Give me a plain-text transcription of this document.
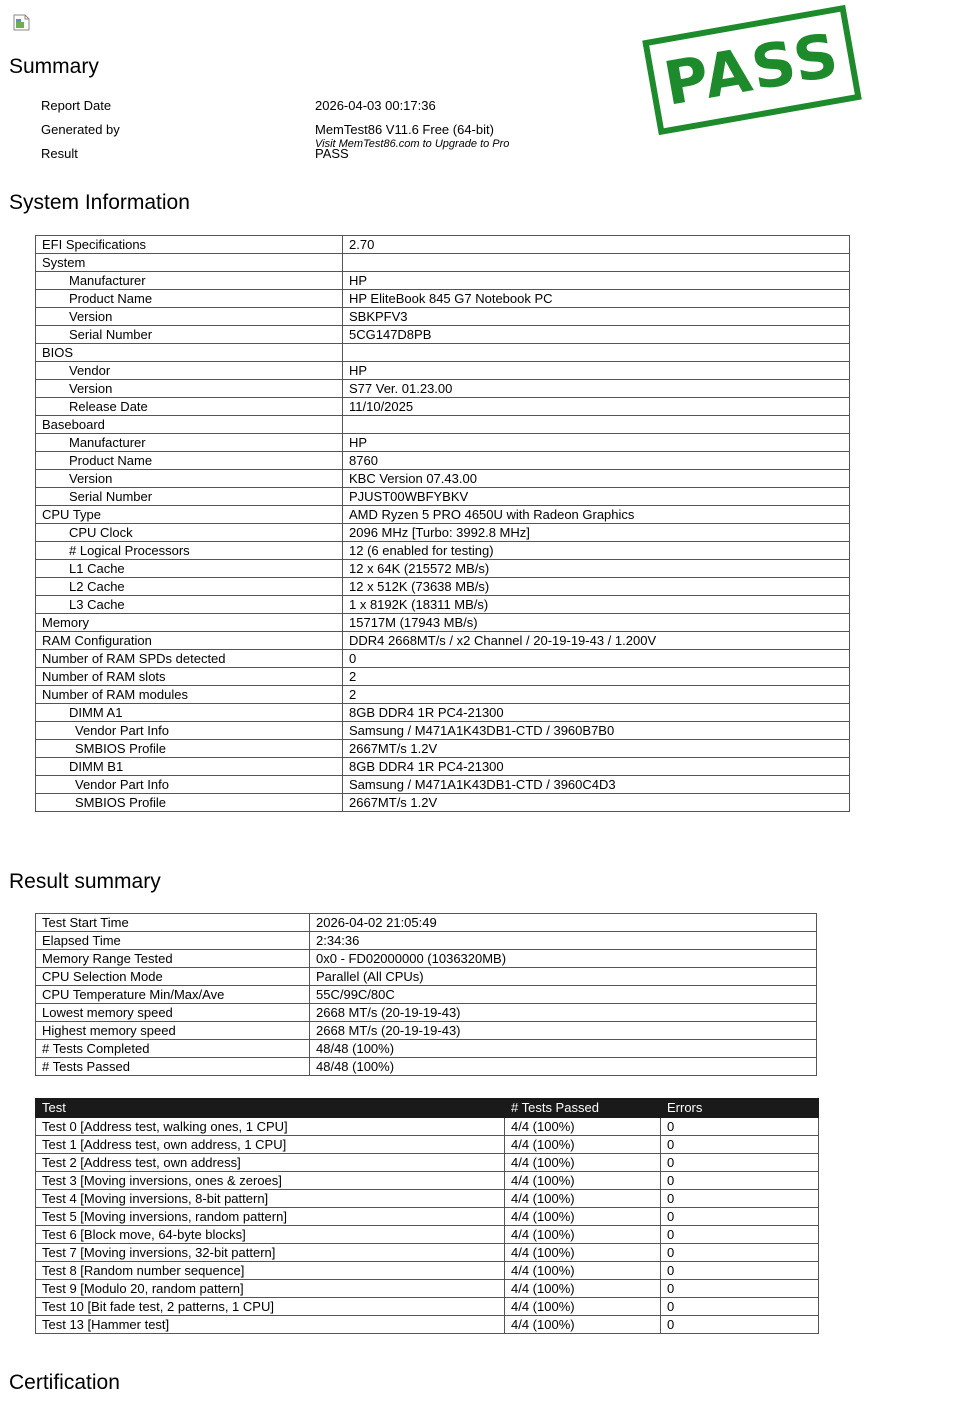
Summary
Report Date	2026-04-03 00:17:36
Generated by	MemTest86 V11.6 Free (64-bit)
Visit MemTest86.com to Upgrade to Pro
Result	PASS
PASS
System Information
EFI Specifications	2.70
System	
Manufacturer	HP
Product Name	HP EliteBook 845 G7 Notebook PC
Version	SBKPFV3
Serial Number	5CG147D8PB
BIOS	
Vendor	HP
Version	S77 Ver. 01.23.00
Release Date	11/10/2025
Baseboard	
Manufacturer	HP
Product Name	8760
Version	KBC Version 07.43.00
Serial Number	PJUST00WBFYBKV
CPU Type	AMD Ryzen 5 PRO 4650U with Radeon Graphics
CPU Clock	2096 MHz [Turbo: 3992.8 MHz]
# Logical Processors	12 (6 enabled for testing)
L1 Cache	12 x 64K (215572 MB/s)
L2 Cache	12 x 512K (73638 MB/s)
L3 Cache	1 x 8192K (18311 MB/s)
Memory	15717M (17943 MB/s)
RAM Configuration	DDR4 2668MT/s / x2 Channel / 20-19-19-43 / 1.200V
Number of RAM SPDs detected	0
Number of RAM slots	2
Number of RAM modules	2
DIMM A1	8GB DDR4 1R PC4-21300
Vendor Part Info	Samsung / M471A1K43DB1-CTD / 3960B7B0
SMBIOS Profile	2667MT/s 1.2V
DIMM B1	8GB DDR4 1R PC4-21300
Vendor Part Info	Samsung / M471A1K43DB1-CTD / 3960C4D3
SMBIOS Profile	2667MT/s 1.2V
Result summary
Test Start Time	2026-04-02 21:05:49
Elapsed Time	2:34:36
Memory Range Tested	0x0 - FD02000000 (1036320MB)
CPU Selection Mode	Parallel (All CPUs)
CPU Temperature Min/Max/Ave	55C/99C/80C
Lowest memory speed	2668 MT/s (20-19-19-43)
Highest memory speed	2668 MT/s (20-19-19-43)
# Tests Completed	48/48 (100%)
# Tests Passed	48/48 (100%)
Test	# Tests Passed	Errors
Test 0 [Address test, walking ones, 1 CPU]	4/4 (100%)	0
Test 1 [Address test, own address, 1 CPU]	4/4 (100%)	0
Test 2 [Address test, own address]	4/4 (100%)	0
Test 3 [Moving inversions, ones & zeroes]	4/4 (100%)	0
Test 4 [Moving inversions, 8-bit pattern]	4/4 (100%)	0
Test 5 [Moving inversions, random pattern]	4/4 (100%)	0
Test 6 [Block move, 64-byte blocks]	4/4 (100%)	0
Test 7 [Moving inversions, 32-bit pattern]	4/4 (100%)	0
Test 8 [Random number sequence]	4/4 (100%)	0
Test 9 [Modulo 20, random pattern]	4/4 (100%)	0
Test 10 [Bit fade test, 2 patterns, 1 CPU]	4/4 (100%)	0
Test 13 [Hammer test]	4/4 (100%)	0
Certification
